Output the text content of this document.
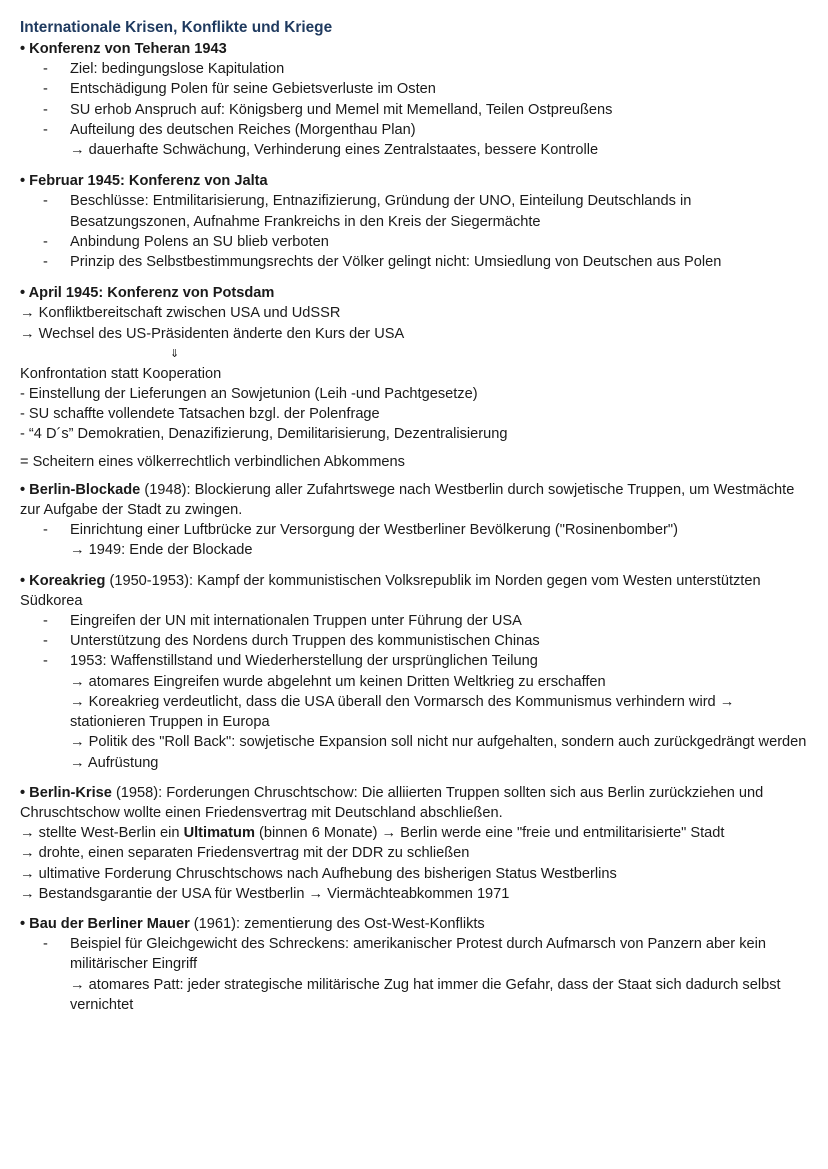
Internationale Krisen, Konflikte und Kriege
• Konferenz von Teheran 1943
- Ziel: bedingungslose Kapitulation
- Entschädigung Polen für seine Gebietsverluste im Osten
- SU erhob Anspruch auf: Königsberg und Memel mit Memelland, Teilen Ostpreußens
- Aufteilung des deutschen Reiches (Morgenthau Plan)
→ dauerhafte Schwächung, Verhinderung eines Zentralstaates, bessere Kontrolle
• Februar 1945: Konferenz von Jalta
- Beschlüsse: Entmilitarisierung, Entnazifizierung, Gründung der UNO, Einteilung Deutschlands in Besatzungszonen, Aufnahme Frankreichs in den Kreis der Siegermächte
- Anbindung Polens an SU blieb verboten
- Prinzip des Selbstbestimmungsrechts der Völker gelingt nicht: Umsiedlung von Deutschen aus Polen
• April 1945: Konferenz von Potsdam
→ Konfliktbereitschaft zwischen USA und UdSSR
→ Wechsel des US-Präsidenten änderte den Kurs der USA
⇓
Konfrontation statt Kooperation
- Einstellung der Lieferungen an Sowjetunion (Leih -und Pachtgesetze)
- SU schaffte vollendete Tatsachen bzgl. der Polenfrage
- “4 D´s” Demokratien, Denazifizierung, Demilitarisierung, Dezentralisierung
= Scheitern eines völkerrechtlich verbindlichen Abkommens
• Berlin-Blockade (1948): Blockierung aller Zufahrtswege nach Westberlin durch sowjetische Truppen, um Westmächte zur Aufgabe der Stadt zu zwingen.
- Einrichtung einer Luftbrücke zur Versorgung der Westberliner Bevölkerung ("Rosinenbomber")
→ 1949: Ende der Blockade
• Koreakrieg (1950-1953): Kampf der kommunistischen Volksrepublik im Norden gegen vom Westen unterstützten Südkorea
- Eingreifen der UN mit internationalen Truppen unter Führung der USA
- Unterstützung des Nordens durch Truppen des kommunistischen Chinas
- 1953: Waffenstillstand und Wiederherstellung der ursprünglichen Teilung
→ atomares Eingreifen wurde abgelehnt um keinen Dritten Weltkrieg zu erschaffen
→ Koreakrieg verdeutlicht, dass die USA überall den Vormarsch des Kommunismus verhindern wird → stationieren Truppen in Europa
→ Politik des "Roll Back": sowjetische Expansion soll nicht nur aufgehalten, sondern auch zurückgedrängt werden → Aufrüstung
• Berlin-Krise (1958): Forderungen Chruschtschow: Die alliierten Truppen sollten sich aus Berlin zurückziehen und Chruschtschow wollte einen Friedensvertrag mit Deutschland abschließen.
→ stellte West-Berlin ein Ultimatum (binnen 6 Monate) → Berlin werde eine "freie und entmilitarisierte" Stadt
→ drohte, einen separaten Friedensvertrag mit der DDR zu schließen
→ ultimative Forderung Chruschtschows nach Aufhebung des bisherigen Status Westberlins
→ Bestandsgarantie der USA für Westberlin → Viermächteabkommen 1971
• Bau der Berliner Mauer (1961): zementierung des Ost-West-Konflikts
- Beispiel für Gleichgewicht des Schreckens: amerikanischer Protest durch Aufmarsch von Panzern aber kein militärischer Eingriff
→ atomares Patt: jeder strategische militärische Zug hat immer die Gefahr, dass der Staat sich dadurch selbst vernichtet
